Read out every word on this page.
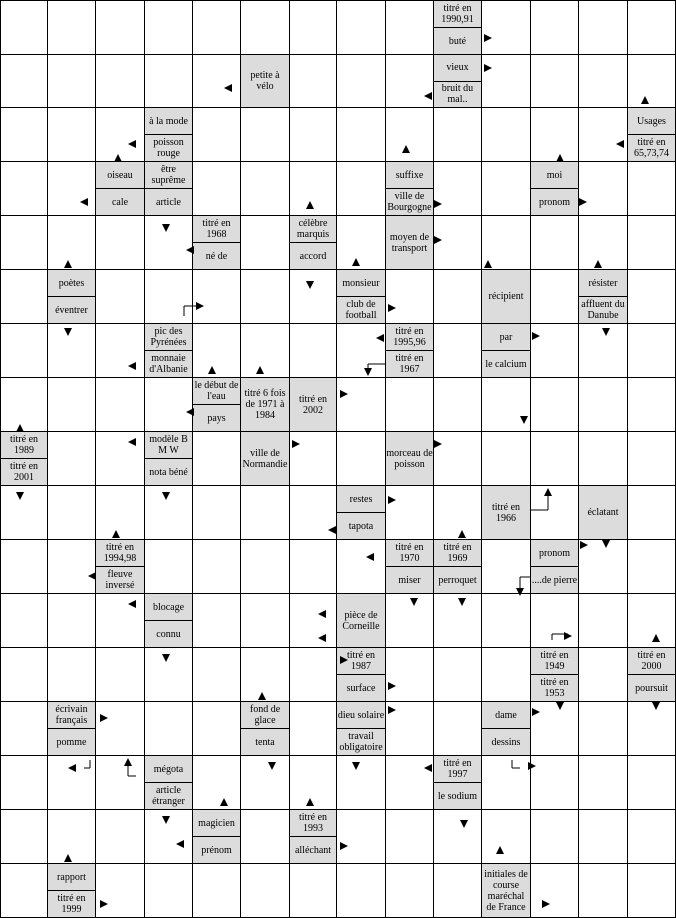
titré en 1990,91
buté
petite à vélo
vieux
bruit du mal..
à la mode
poisson rouge
Usages
titré en 65,73,74
oiseau
cale
être suprême
article
suffixe
ville de Bourgogne
moi
pronom
titré en 1968
né de
célèbre marquis
accord
moyen de transport
poètes
éventrer
monsieur
club de football
récipient
résister
affluent du Danube
pic des Pyrénées
monnaie d'Albanie
titré en 1995,96
titré en 1967
par
le calcium
le début de l'eau
pays
titré 6 fois de 1971 à 1984
titré en 2002
titré en 1989
titré en 2001
modèle B M W
nota béné
ville de Normandie
morceau de poisson
restes
tapota
titré en 1966	éclatant
titré en 1994,98
fleuve inversé
titré en 1970
miser
titré en 1969
perroquet
pronom
....de pierre
blocage
connu
pièce de Corneille
titré en 1987
surface
titré en 1949
titré en 1953
titré en 2000
poursuit
écrivain français
pomme
fond de glace
tenta
dieu solaire
travail obligatoire
dame
dessins
mégota
article étranger
titré en 1997
le sodium
magicien
prénom
titré en 1993
alléchant
rapport
titré en 1999
initiales de course maréchal de France
